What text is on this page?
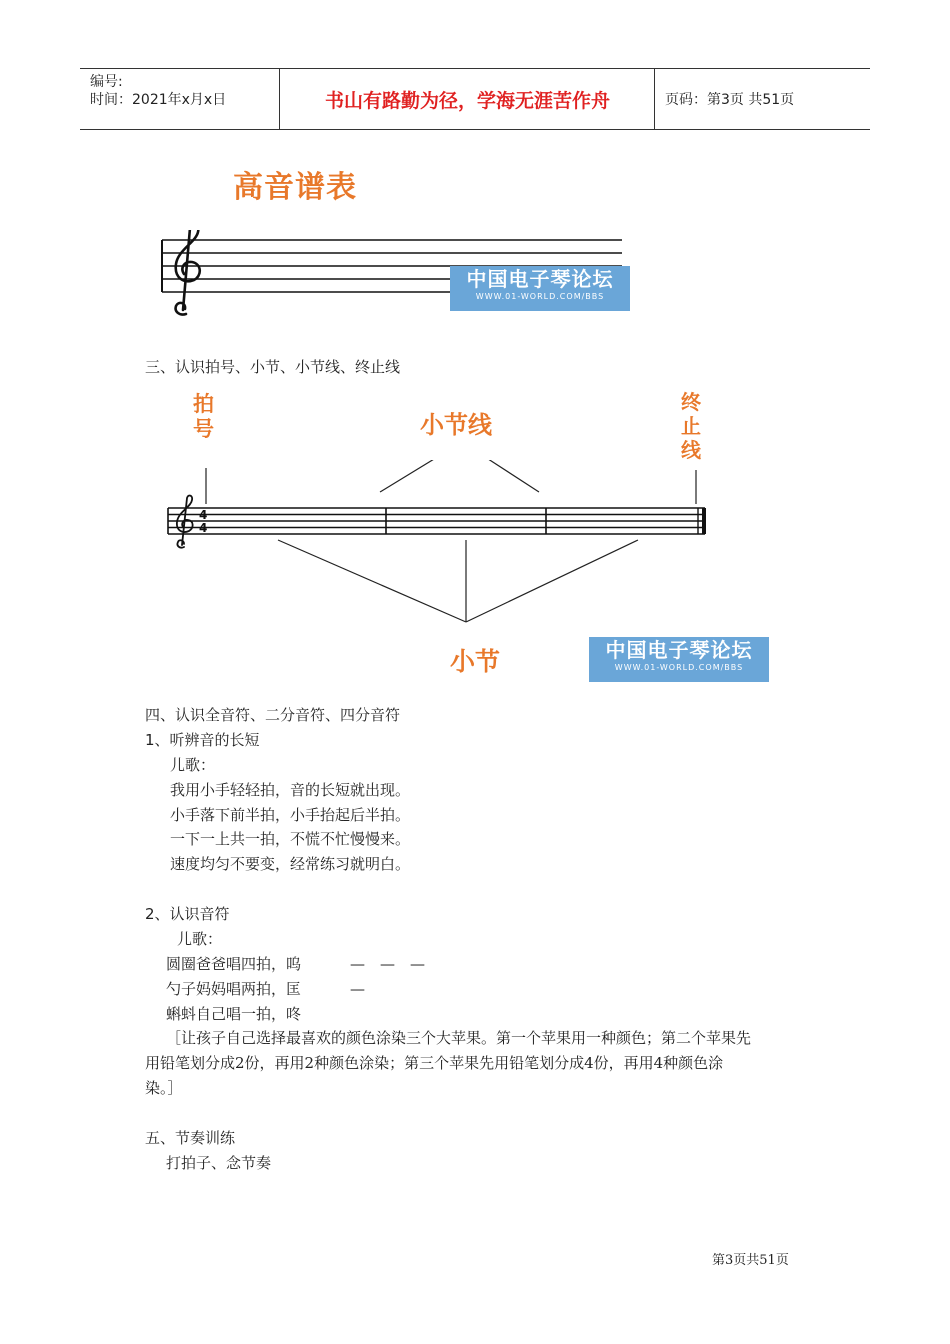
编号:
时间：2021年x月x日	书山有路勤为径，学海无涯苦作舟	页码：第3页 共51页
高音谱表
中国电子琴论坛
WWW.01-WORLD.COM/BBS
三、认识拍号、小节、小节线、终止线
拍
号	小节线
终
止
线
小节
4
4
中国电子琴论坛
WWW.01-WORLD.COM/BBS
四、认识全音符、二分音符、四分音符
1、听辨音的长短
儿歌：
我用小手轻轻拍，音的长短就出现。
小手落下前半拍，小手抬起后半拍。
一下一上共一拍，不慌不忙慢慢来。
速度均匀不要变，经常练习就明白。
2、认识音符
儿歌：
圆圈爸爸唱四拍，呜	—　—　—
勺子妈妈唱两拍，匡	—
蝌蚪自己唱一拍，咚
［让孩子自己选择最喜欢的颜色涂染三个大苹果。第一个苹果用一种颜色；第二个苹果先
用铅笔划分成2份，再用2种颜色涂染；第三个苹果先用铅笔划分成4份，再用4种颜色涂
染。］
五、节奏训练
打拍子、念节奏
第3页共51页
